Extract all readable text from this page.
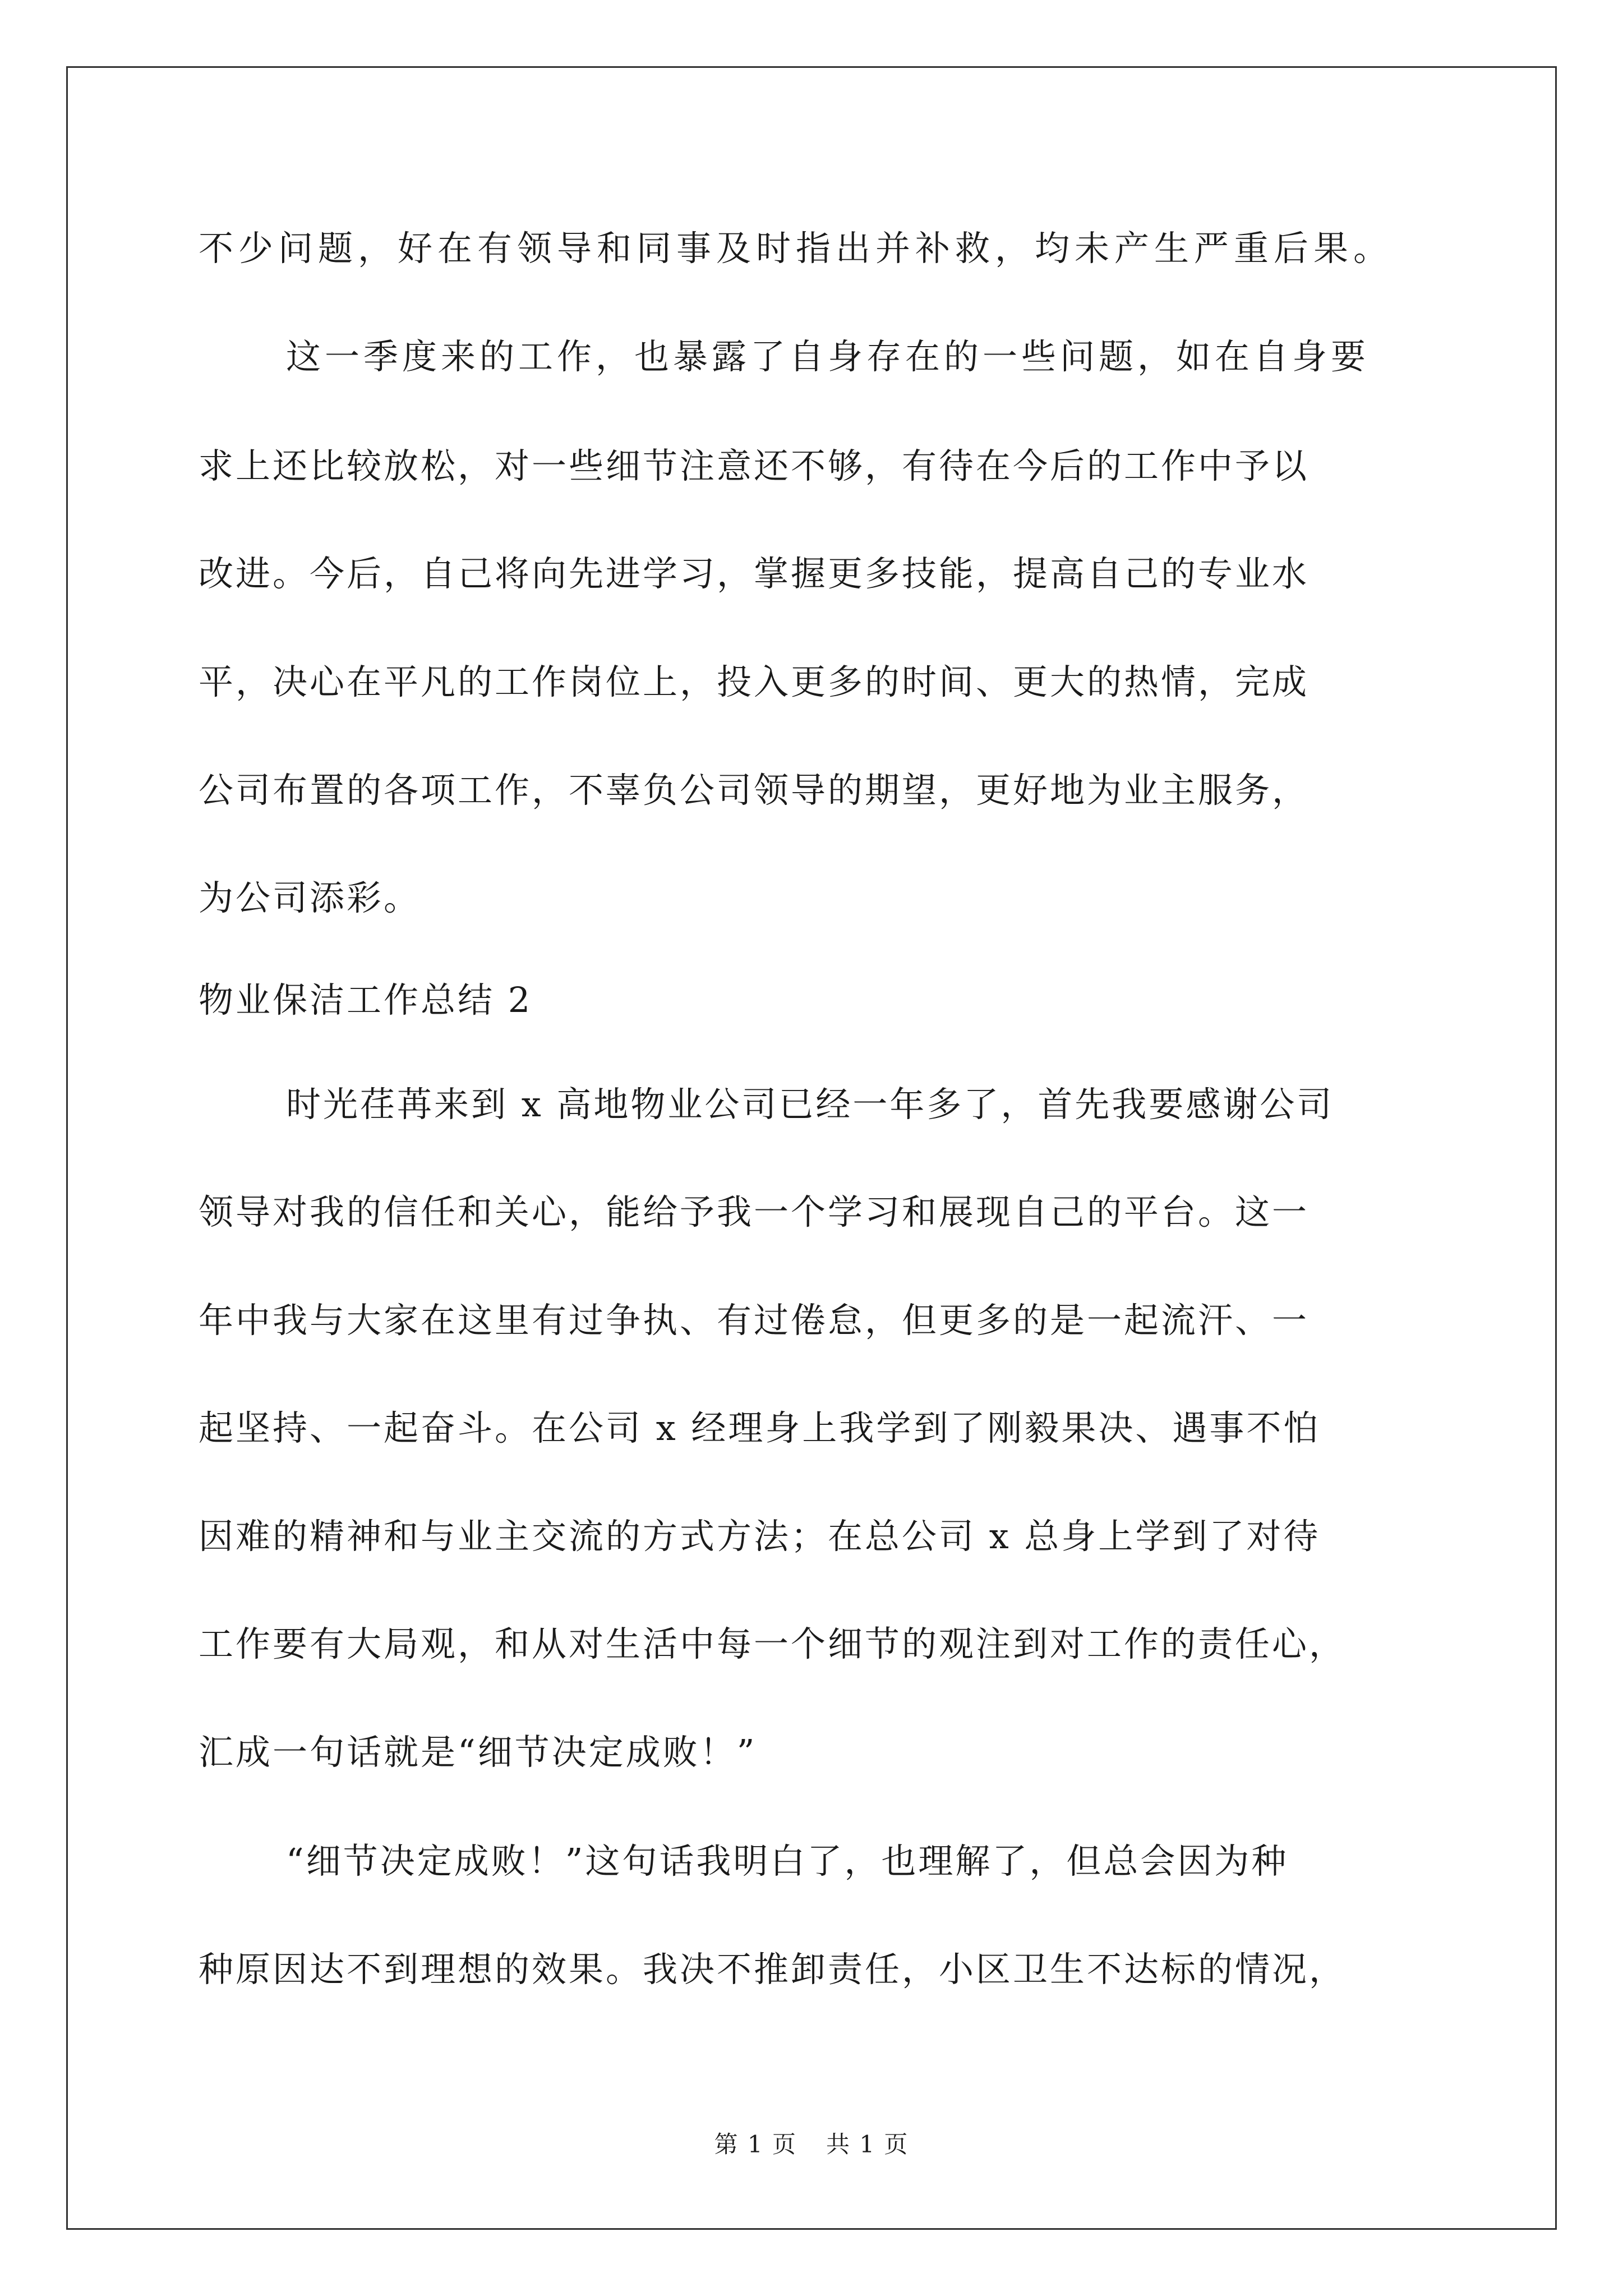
不少问题，好在有领导和同事及时指出并补救，均未产生严重后果。
这一季度来的工作，也暴露了自身存在的一些问题，如在自身要
求上还比较放松，对一些细节注意还不够，有待在今后的工作中予以
改进。今后，自己将向先进学习，掌握更多技能，提高自己的专业水
平，决心在平凡的工作岗位上，投入更多的时间、更大的热情，完成
公司布置的各项工作，不辜负公司领导的期望，更好地为业主服务，
为公司添彩。
物业保洁工作总结 2
时光荏苒来到 x 高地物业公司已经一年多了，首先我要感谢公司
领导对我的信任和关心，能给予我一个学习和展现自己的平台。这一
年中我与大家在这里有过争执、有过倦怠，但更多的是一起流汗、一
起坚持、一起奋斗。在公司 x 经理身上我学到了刚毅果决、遇事不怕
因难的精神和与业主交流的方式方法；在总公司 x 总身上学到了对待
工作要有大局观，和从对生活中每一个细节的观注到对工作的责任心，
汇成一句话就是“细节决定成败！”
“细节决定成败！”这句话我明白了，也理解了，但总会因为种
种原因达不到理想的效果。我决不推卸责任，小区卫生不达标的情况，
第 1 页 共 1 页
